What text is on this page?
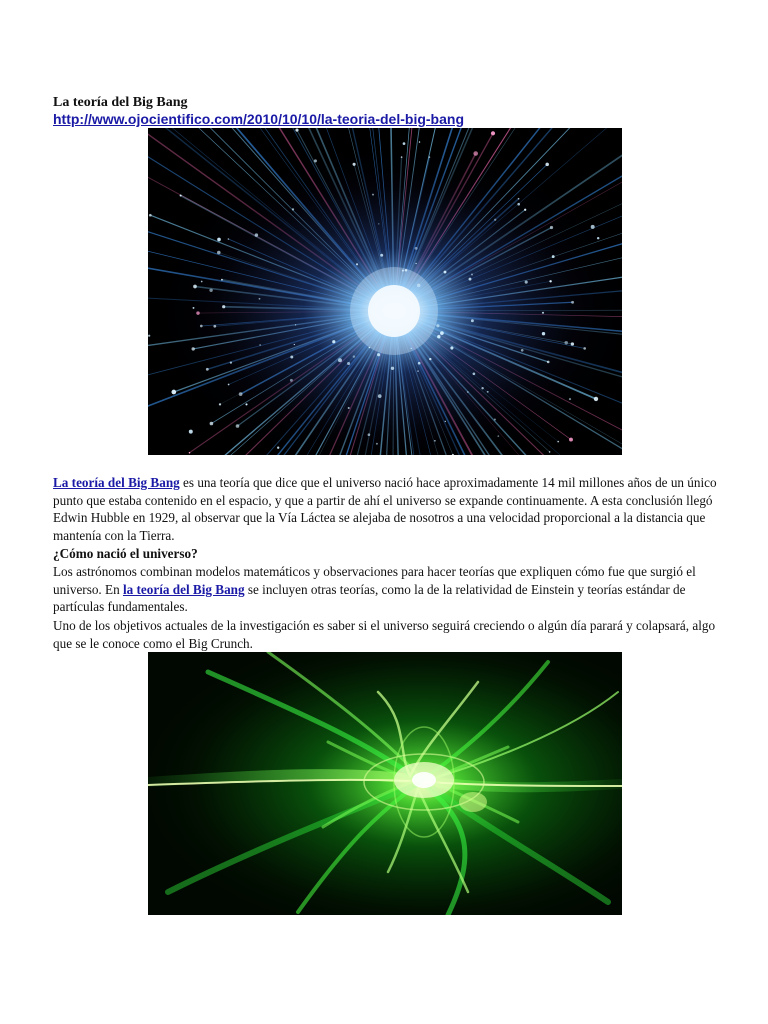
La teoría del Big Bang
http://www.ojocientifico.com/2010/10/10/la-teoria-del-big-bang

La teoría del Big Bang es una teoría que dice que el universo nació hace aproximadamente 14 mil millones años de un único punto que estaba contenido en el espacio, y que a partir de ahí el universo se expande continuamente. A esta conclusión llegó Edwin Hubble en 1929, al observar que la Vía Láctea se alejaba de nosotros a una velocidad proporcional a la distancia que mantenía con la Tierra.

¿Cómo nació el universo?

Los astrónomos combinan modelos matemáticos y observaciones para hacer teorías que expliquen cómo fue que surgió el universo. En la teoría del Big Bang se incluyen otras teorías, como la de la relatividad de Einstein y teorías estándar de partículas fundamentales.

Uno de los objetivos actuales de la investigación es saber si el universo seguirá creciendo o algún día parará y colapsará, algo que se le conoce como el Big Crunch.
